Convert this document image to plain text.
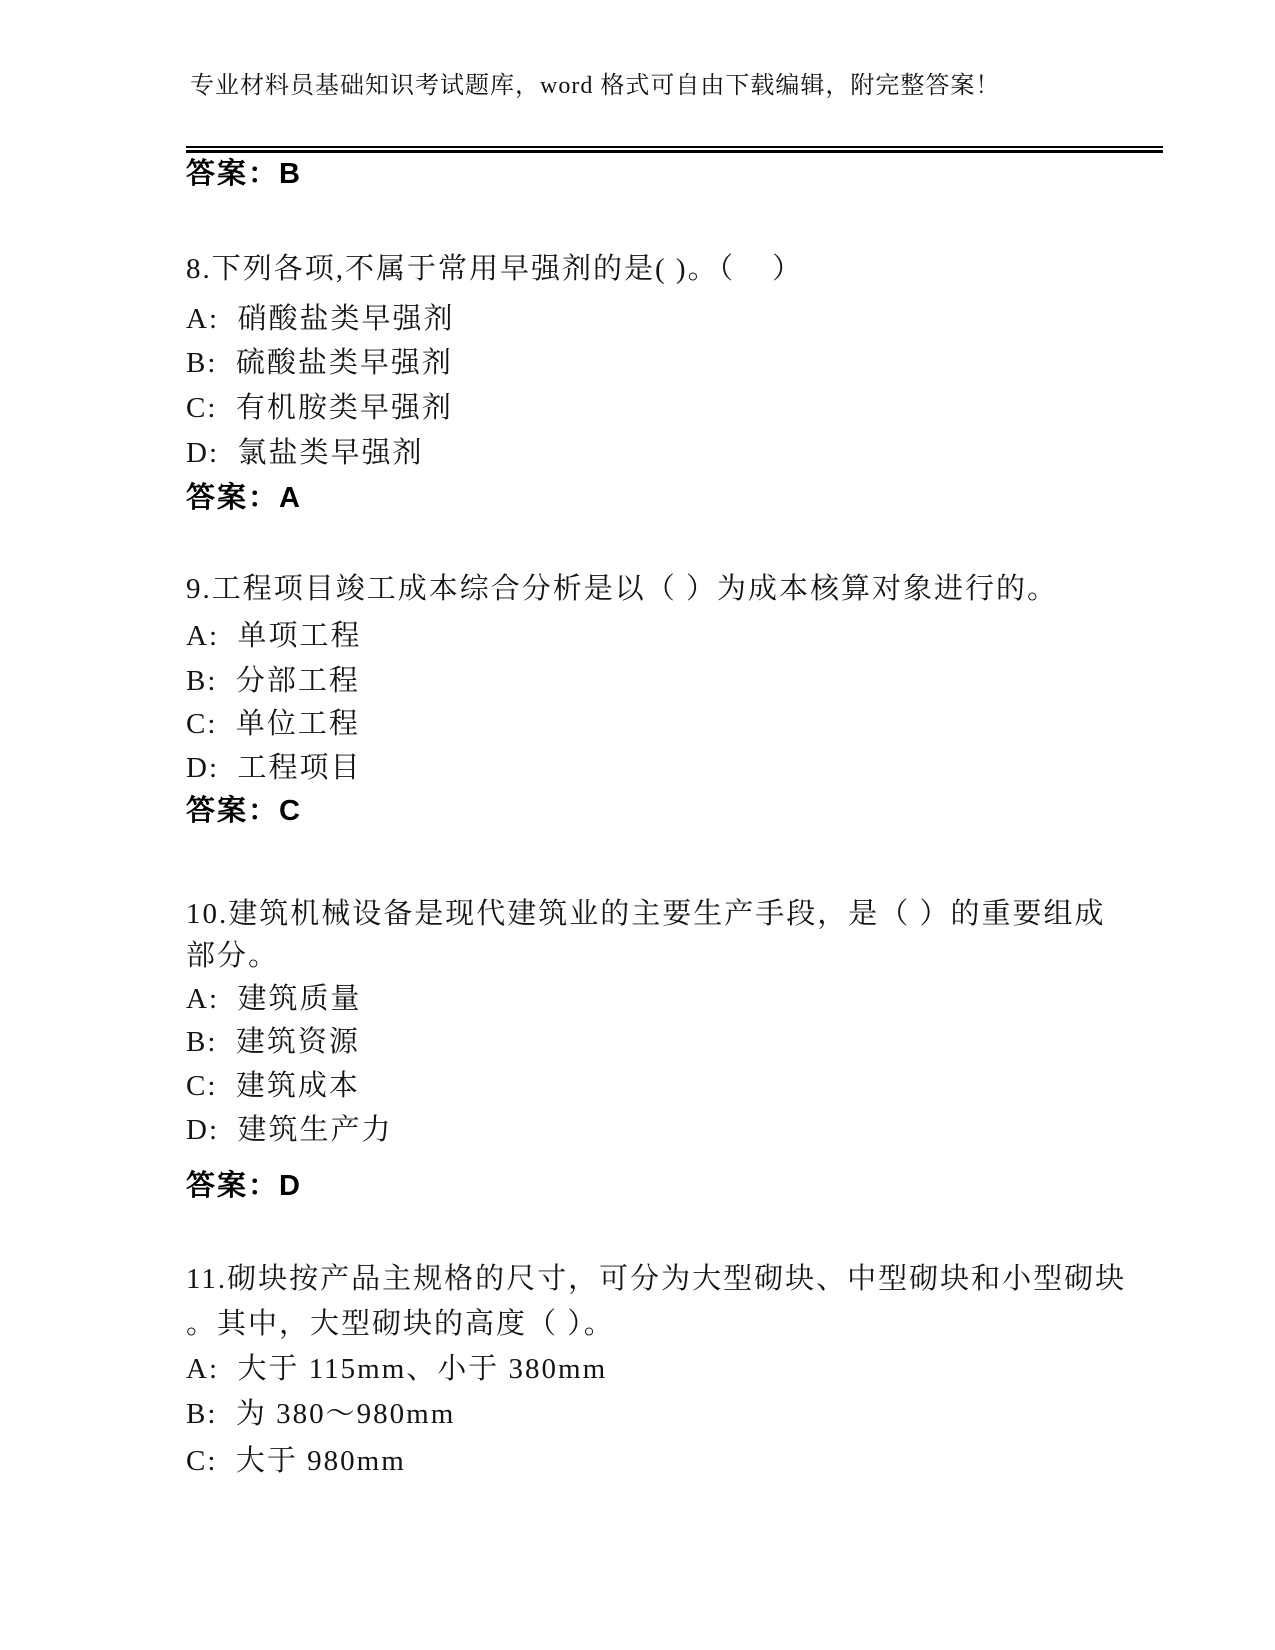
专业材料员基础知识考试题库，word 格式可自由下载编辑，附完整答案！
答案：B
8.下列各项,不属于常用早强剂的是( )。（    ）
A:  硝酸盐类早强剂
B:  硫酸盐类早强剂
C:  有机胺类早强剂
D:  氯盐类早强剂
答案：A
9.工程项目竣工成本综合分析是以（ ）为成本核算对象进行的。
A:  单项工程
B:  分部工程
C:  单位工程
D:  工程项目
答案：C
10.建筑机械设备是现代建筑业的主要生产手段，是（ ）的重要组成
部分。
A:  建筑质量
B:  建筑资源
C:  建筑成本
D:  建筑生产力
答案：D
11.砌块按产品主规格的尺寸，可分为大型砌块、中型砌块和小型砌块
。其中，大型砌块的高度（ ）。
A:  大于 115mm、小于 380mm
B:  为 380～980mm
C:  大于 980mm
